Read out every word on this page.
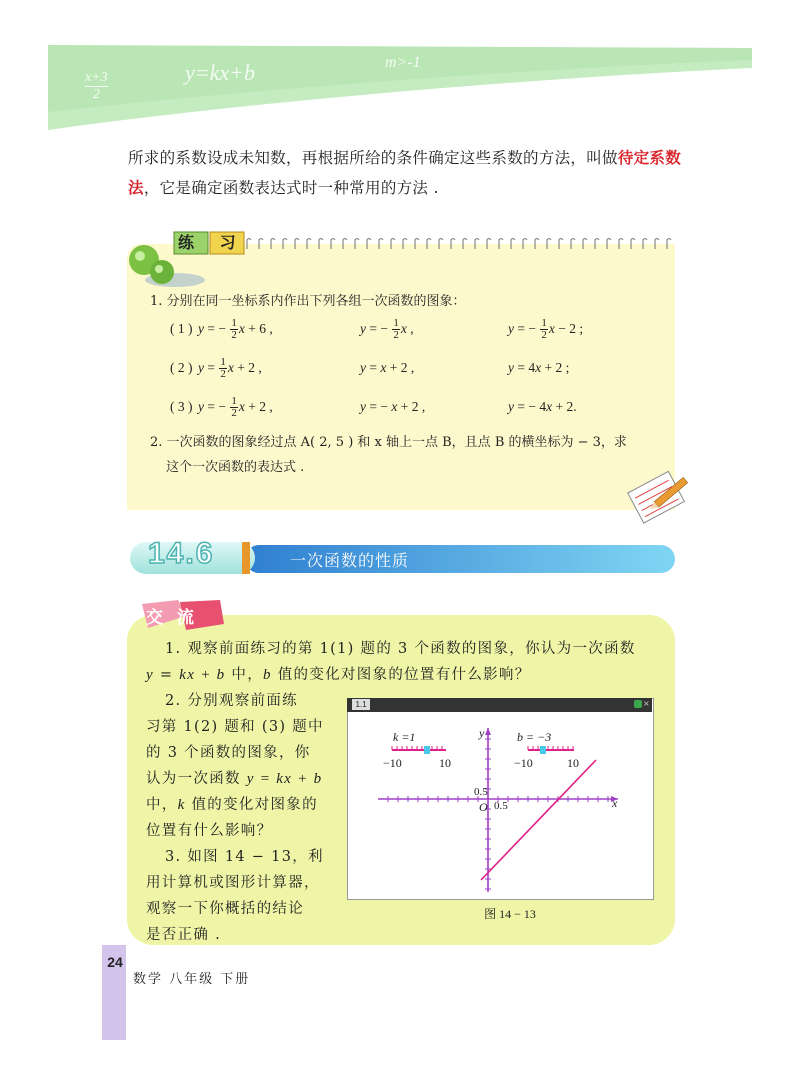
x+3
2
y=kx+b	m>-1
所求的系数设成未知数，再根据所给的条件确定这些系数的方法，叫做待定系数法，它是确定函数表达式时一种常用的方法 .
练 习
1. 分别在同一坐标系内作出下列各组一次函数的图象：
( 1 ) y = − $\frac{1}{2}$ x + 6 ,	y = − $\frac{1}{2}$ x ,	y = − $\frac{1}{2}$ x − 2 ;
( 2 ) $y = \frac{1}{2}$ x + 2 ,	y = x + 2 ,	y = 4x + 2 ;
( 3 ) y = − $\frac{1}{2}$ x + 2 ,	y = − x + 2 ,	y = − 4x + 2.
2. 一次函数的图象经过点 A( 2, 5 ) 和 x 轴上一点 B，且点 B 的横坐标为 − 3，求
这个一次函数的表达式 .
14.6	一次函数的性质
交 流
1. 观察前面练习的第 1(1) 题的 3 个函数的图象，你认为一次函数
y = kx + b 中，b 值的变化对图象的位置有什么影响？
2. 分别观察前面练
习第 1(2) 题和 (3) 题中
的 3 个函数的图象，你
认为一次函数 y = kx + b
中，k 值的变化对图象的
位置有什么影响？
3. 如图 14 − 13，利
用计算机或图形计算器，
观察一下你概括的结论
是否正确 .
1.1	×
k =1
−10	10
b = −3
−10	10
y
x
0.5
O 0.5
图 14 − 13
24
数学 八年级 下册
